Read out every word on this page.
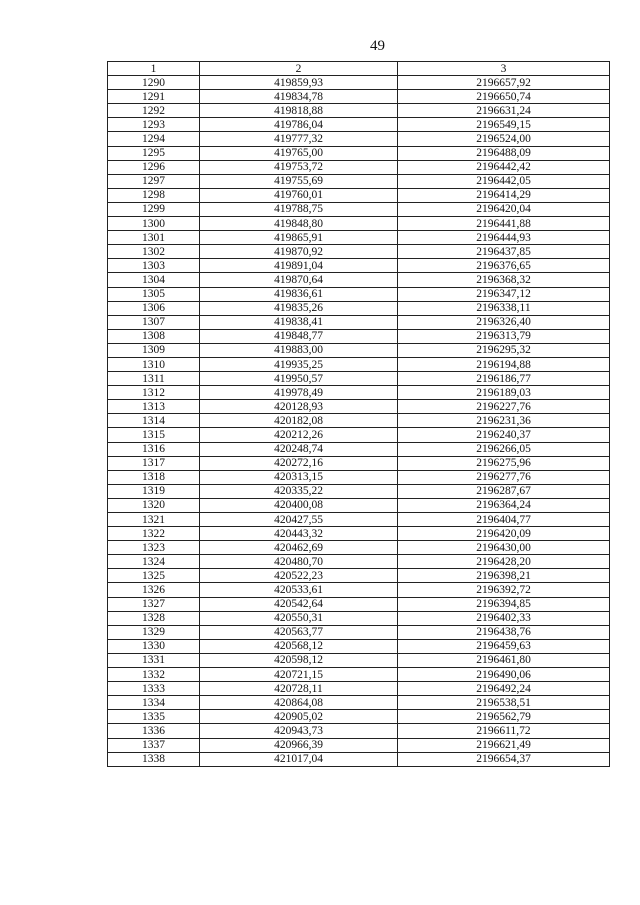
49
1	2	3
1290	419859,93	2196657,92
1291	419834,78	2196650,74
1292	419818,88	2196631,24
1293	419786,04	2196549,15
1294	419777,32	2196524,00
1295	419765,00	2196488,09
1296	419753,72	2196442,42
1297	419755,69	2196442,05
1298	419760,01	2196414,29
1299	419788,75	2196420,04
1300	419848,80	2196441,88
1301	419865,91	2196444,93
1302	419870,92	2196437,85
1303	419891,04	2196376,65
1304	419870,64	2196368,32
1305	419836,61	2196347,12
1306	419835,26	2196338,11
1307	419838,41	2196326,40
1308	419848,77	2196313,79
1309	419883,00	2196295,32
1310	419935,25	2196194,88
1311	419950,57	2196186,77
1312	419978,49	2196189,03
1313	420128,93	2196227,76
1314	420182,08	2196231,36
1315	420212,26	2196240,37
1316	420248,74	2196266,05
1317	420272,16	2196275,96
1318	420313,15	2196277,76
1319	420335,22	2196287,67
1320	420400,08	2196364,24
1321	420427,55	2196404,77
1322	420443,32	2196420,09
1323	420462,69	2196430,00
1324	420480,70	2196428,20
1325	420522,23	2196398,21
1326	420533,61	2196392,72
1327	420542,64	2196394,85
1328	420550,31	2196402,33
1329	420563,77	2196438,76
1330	420568,12	2196459,63
1331	420598,12	2196461,80
1332	420721,15	2196490,06
1333	420728,11	2196492,24
1334	420864,08	2196538,51
1335	420905,02	2196562,79
1336	420943,73	2196611,72
1337	420966,39	2196621,49
1338	421017,04	2196654,37
